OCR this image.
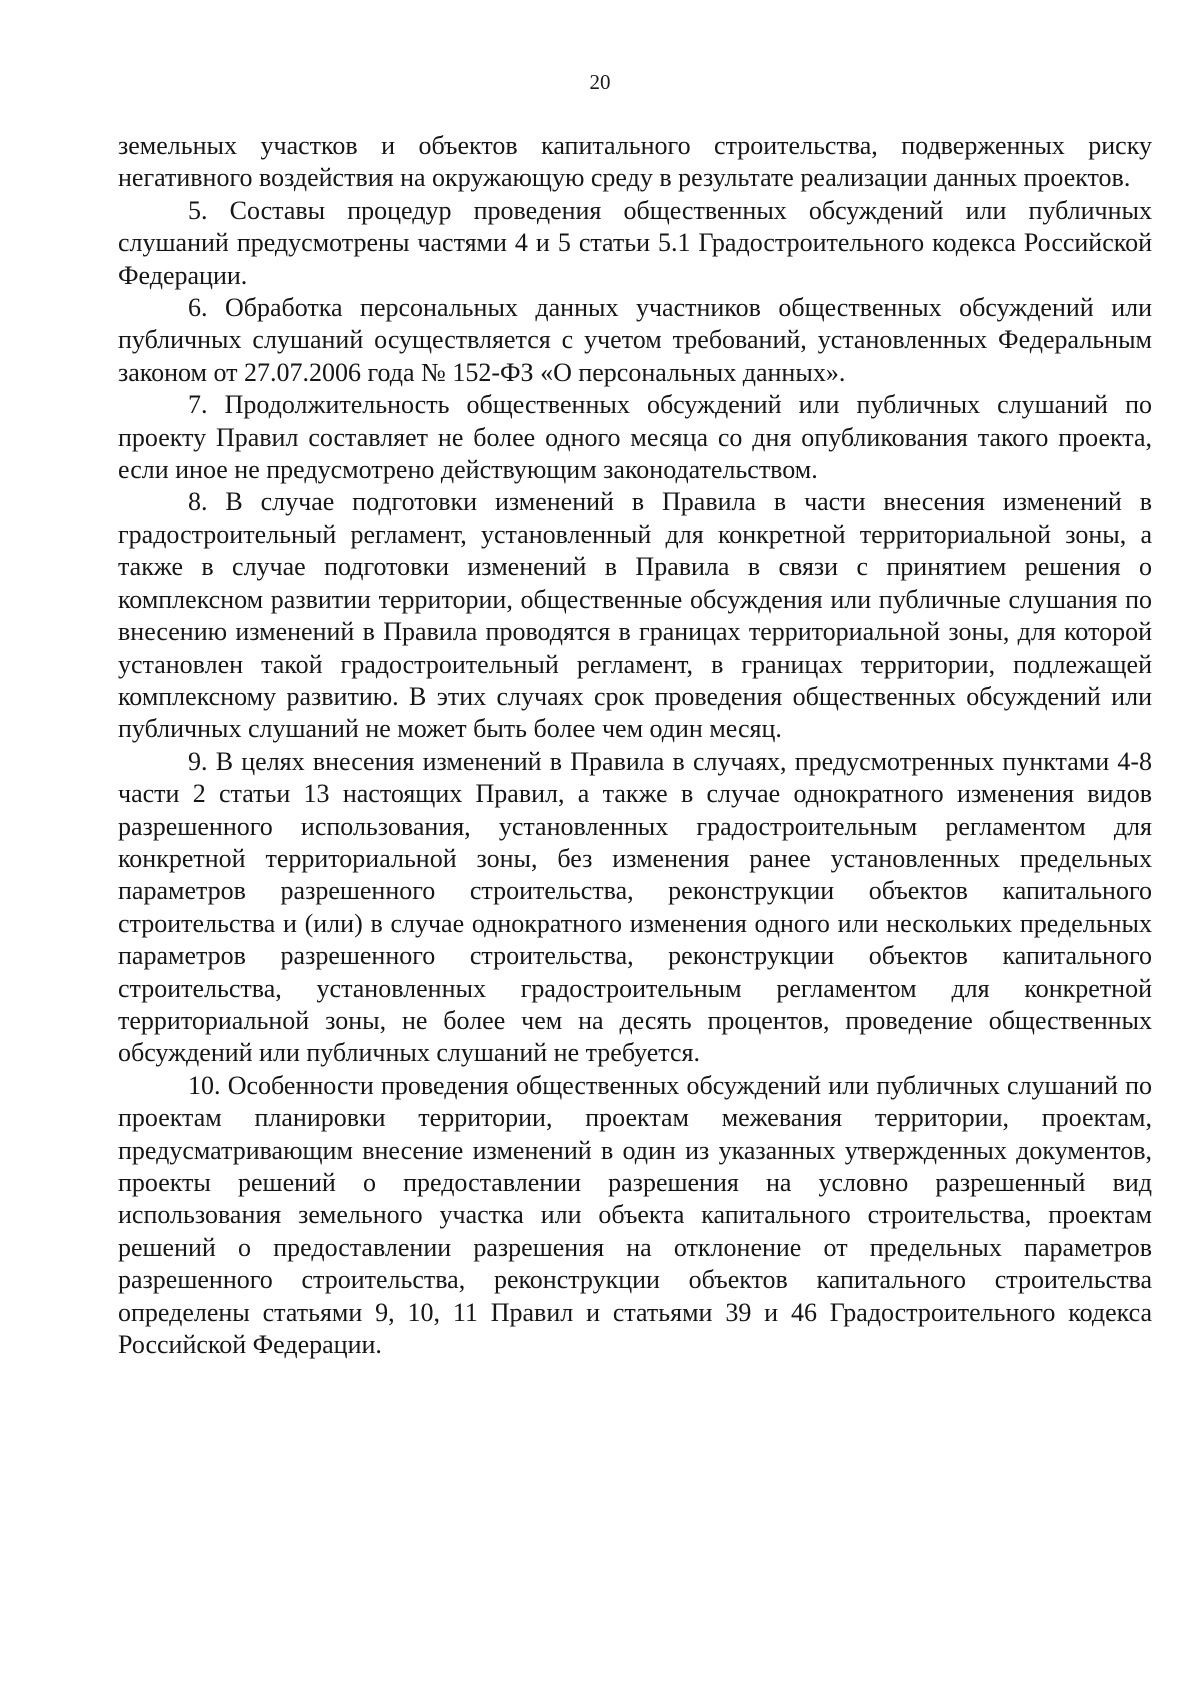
20

земельных участков и объектов капитального строительства, подверженных риску негативного воздействия на окружающую среду в результате реализации данных проектов.

5. Составы процедур проведения общественных обсуждений или публичных слушаний предусмотрены частями 4 и 5 статьи 5.1 Градостроительного кодекса Российской Федерации.

6. Обработка персональных данных участников общественных обсуждений или публичных слушаний осуществляется с учетом требований, установленных Федеральным законом от 27.07.2006 года № 152-ФЗ «О персональных данных».

7. Продолжительность общественных обсуждений или публичных слушаний по проекту Правил составляет не более одного месяца со дня опубликования такого проекта, если иное не предусмотрено действующим законодательством.

8. В случае подготовки изменений в Правила в части внесения изменений в градостроительный регламент, установленный для конкретной территориальной зоны, а также в случае подготовки изменений в Правила в связи с принятием решения о комплексном развитии территории, общественные обсуждения или публичные слушания по внесению изменений в Правила проводятся в границах территориальной зоны, для которой установлен такой градостроительный регламент, в границах территории, подлежащей комплексному развитию. В этих случаях срок проведения общественных обсуждений или публичных слушаний не может быть более чем один месяц.

9. В целях внесения изменений в Правила в случаях, предусмотренных пунктами 4-8 части 2 статьи 13 настоящих Правил, а также в случае однократного изменения видов разрешенного использования, установленных градостроительным регламентом для конкретной территориальной зоны, без изменения ранее установленных предельных параметров разрешенного строительства, реконструкции объектов капитального строительства и (или) в случае однократного изменения одного или нескольких предельных параметров разрешенного строительства, реконструкции объектов капитального строительства, установленных градостроительным регламентом для конкретной территориальной зоны, не более чем на десять процентов, проведение общественных обсуждений или публичных слушаний не требуется.

10. Особенности проведения общественных обсуждений или публичных слушаний по проектам планировки территории, проектам межевания территории, проектам, предусматривающим внесение изменений в один из указанных утвержденных документов, проекты решений о предоставлении разрешения на условно разрешенный вид использования земельного участка или объекта капитального строительства, проектам решений о предоставлении разрешения на отклонение от предельных параметров разрешенного строительства, реконструкции объектов капитального строительства определены статьями 9, 10, 11 Правил и статьями 39 и 46 Градостроительного кодекса Российской Федерации.
